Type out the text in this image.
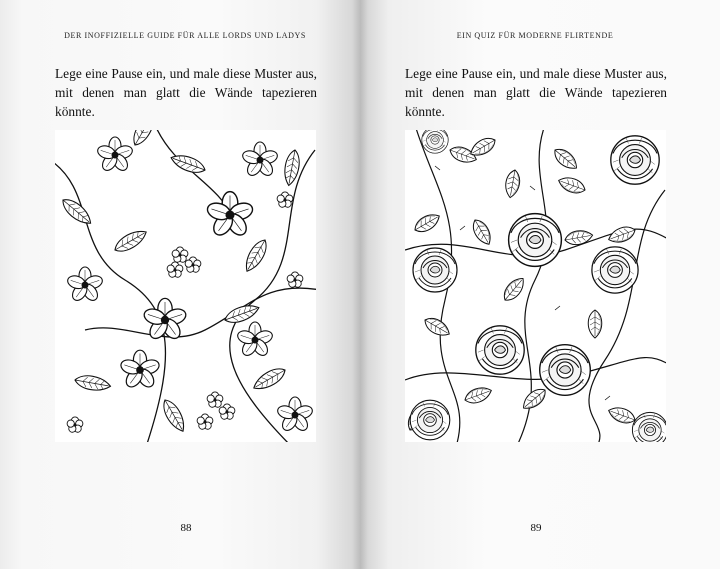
DER INOFFIZIELLE GUIDE FÜR ALLE LORDS UND LADYS
Lege eine Pause ein, und male diese Muster aus, mit denen man glatt die Wände tapezieren könnte.
88
EIN QUIZ FÜR MODERNE FLIRTENDE
Lege eine Pause ein, und male diese Muster aus, mit denen man glatt die Wände tapezieren könnte.
89
